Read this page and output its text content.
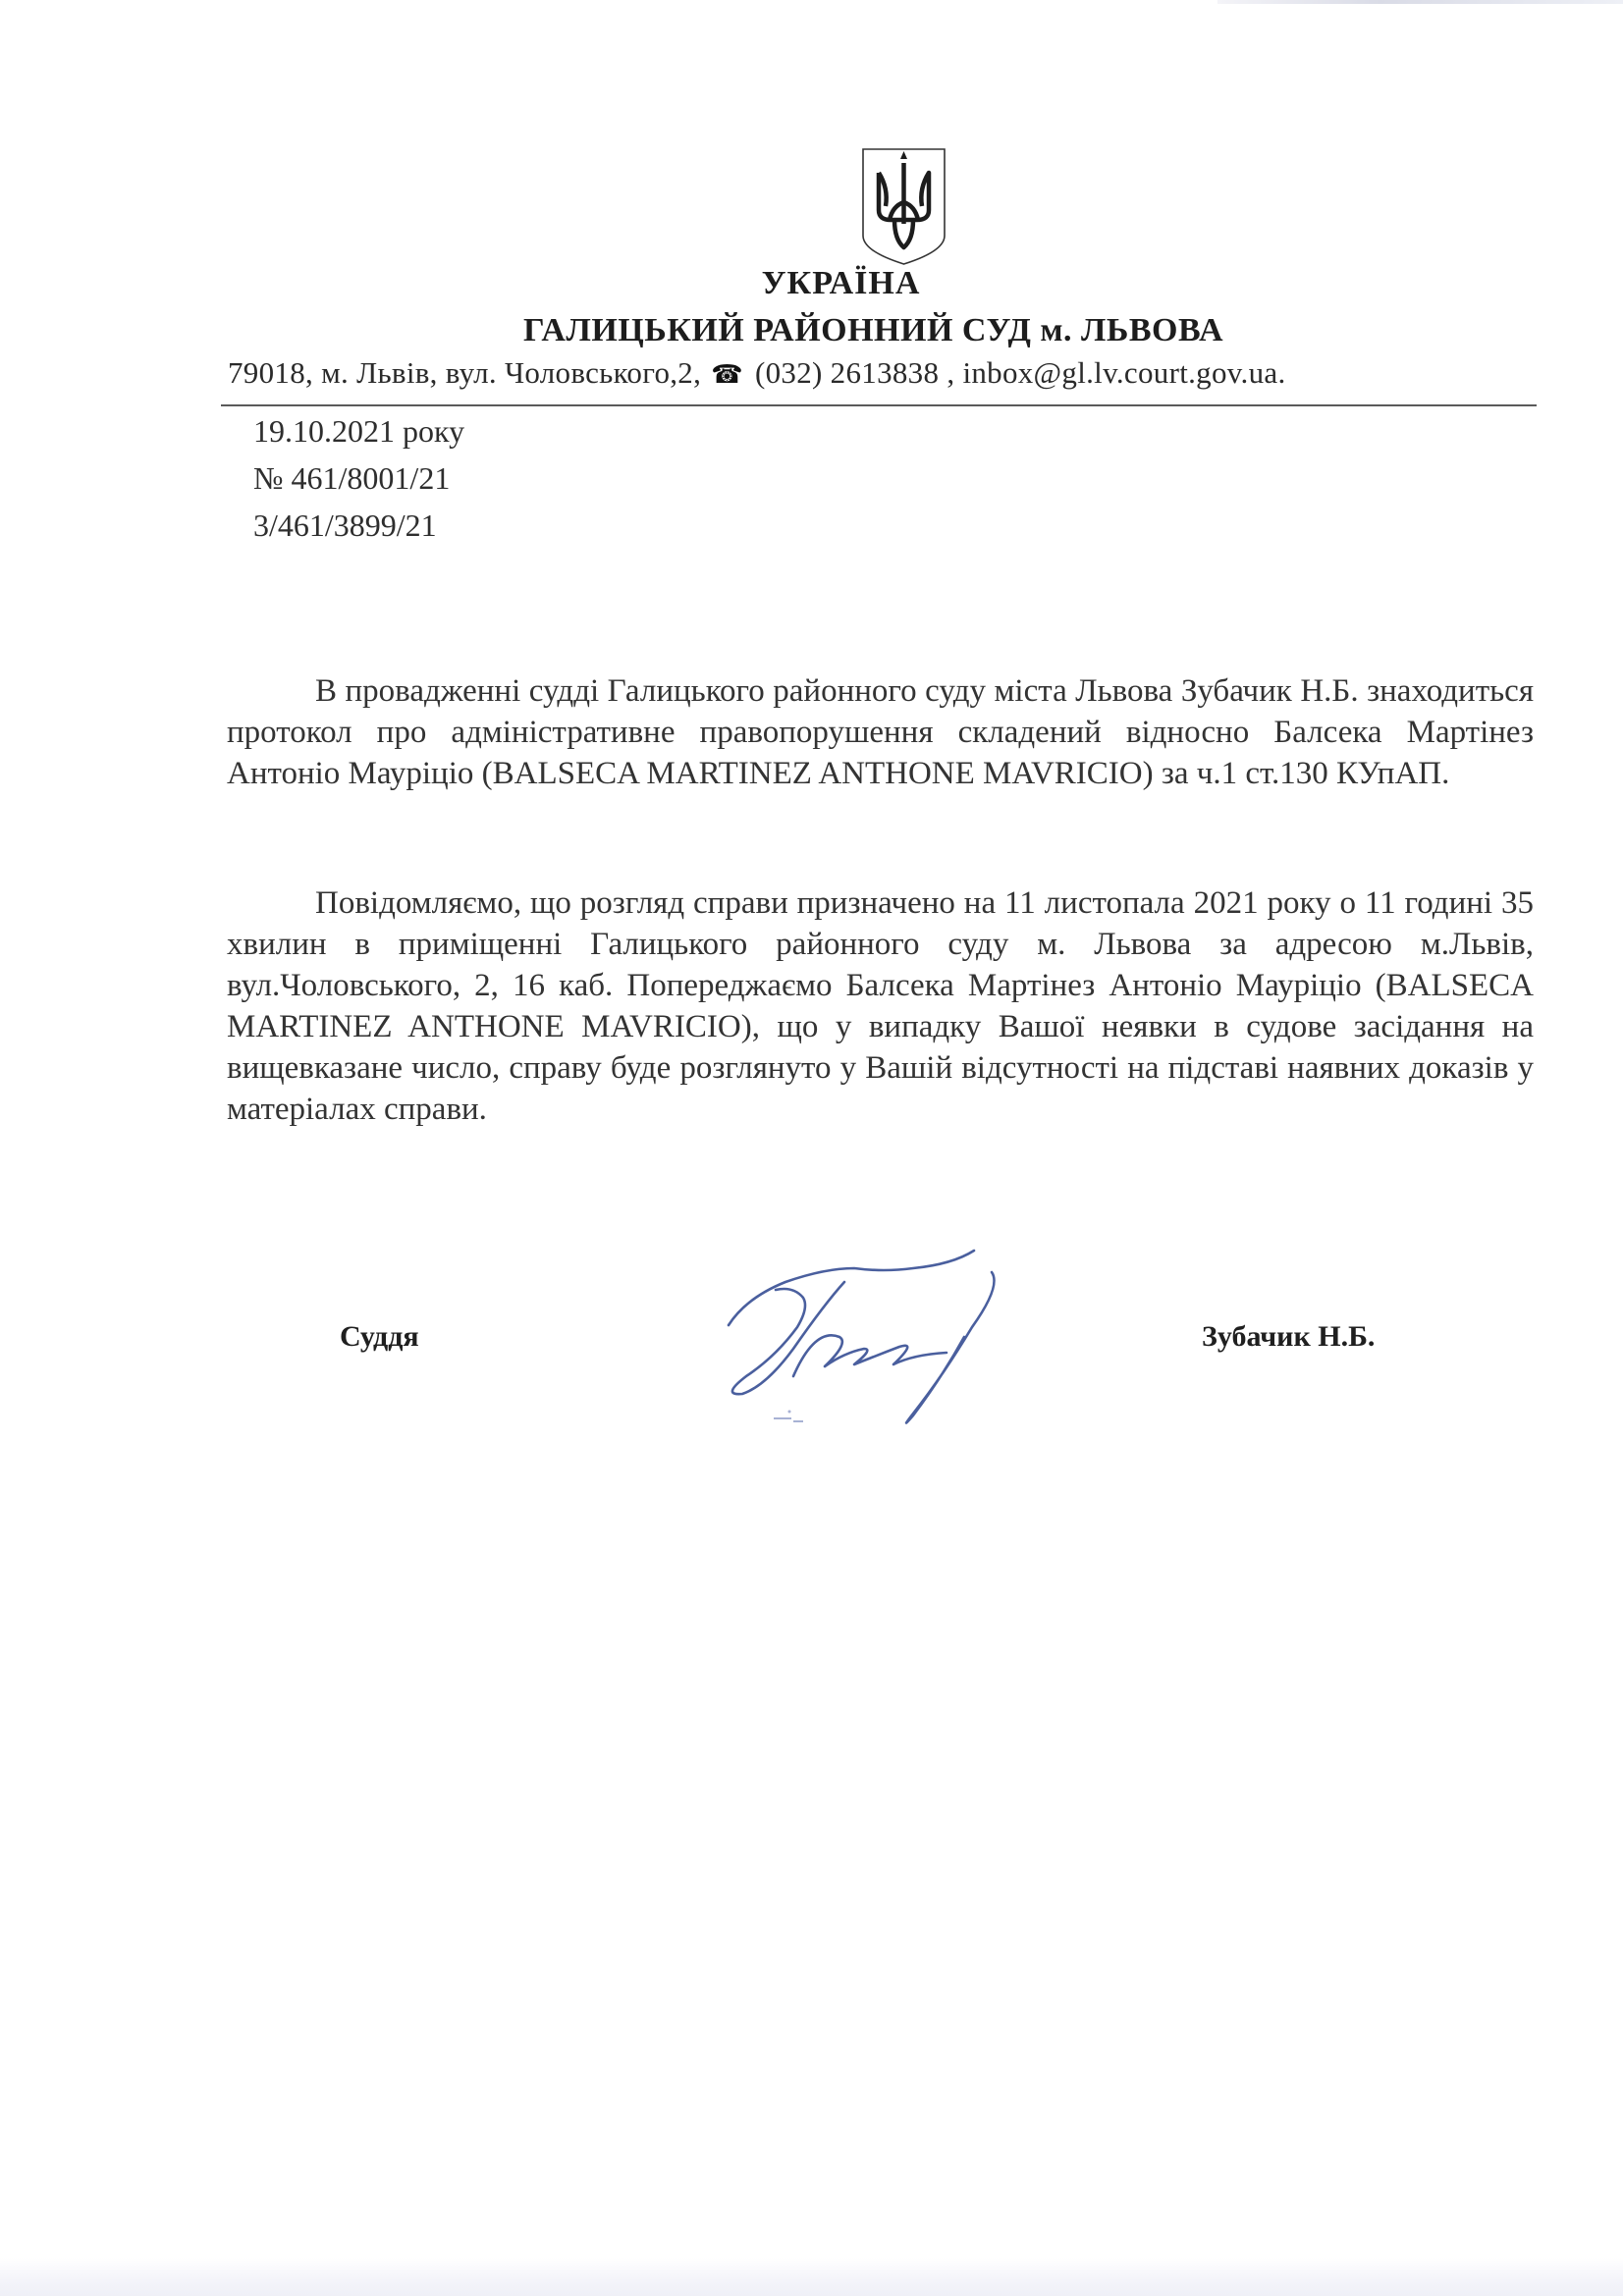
УКРАЇНА
ГАЛИЦЬКИЙ РАЙОННИЙ СУД м. ЛЬВОВА
79018, м. Львів, вул. Чоловського,2, ☎ (032) 2613838 , inbox@gl.lv.court.gov.ua.
19.10.2021 року
№ 461/8001/21
3/461/3899/21

В провадженні судді Галицького районного суду міста Львова Зубачик Н.Б. знаходиться протокол про адміністративне правопорушення складений відносно Балсека Мартінез Антоніо Мауріціо (BALSECA MARTINEZ ANTHONE MAVRICIO) за ч.1 ст.130 КУпАП.

Повідомляємо, що розгляд справи призначено на 11 листопала 2021 року о 11 годині 35 хвилин в приміщенні Галицького районного суду м. Львова за адресою м.Львів, вул.Чоловського, 2, 16 каб. Попереджаємо Балсека Мартінез Антоніо Мауріціо (BALSECA MARTINEZ ANTHONE MAVRICIO), що у випадку Вашої неявки в судове засідання на вищевказане число, справу буде розглянуто у Вашій відсутності на підставі наявних доказів у матеріалах справи.

Суддя	Зубачик Н.Б.
